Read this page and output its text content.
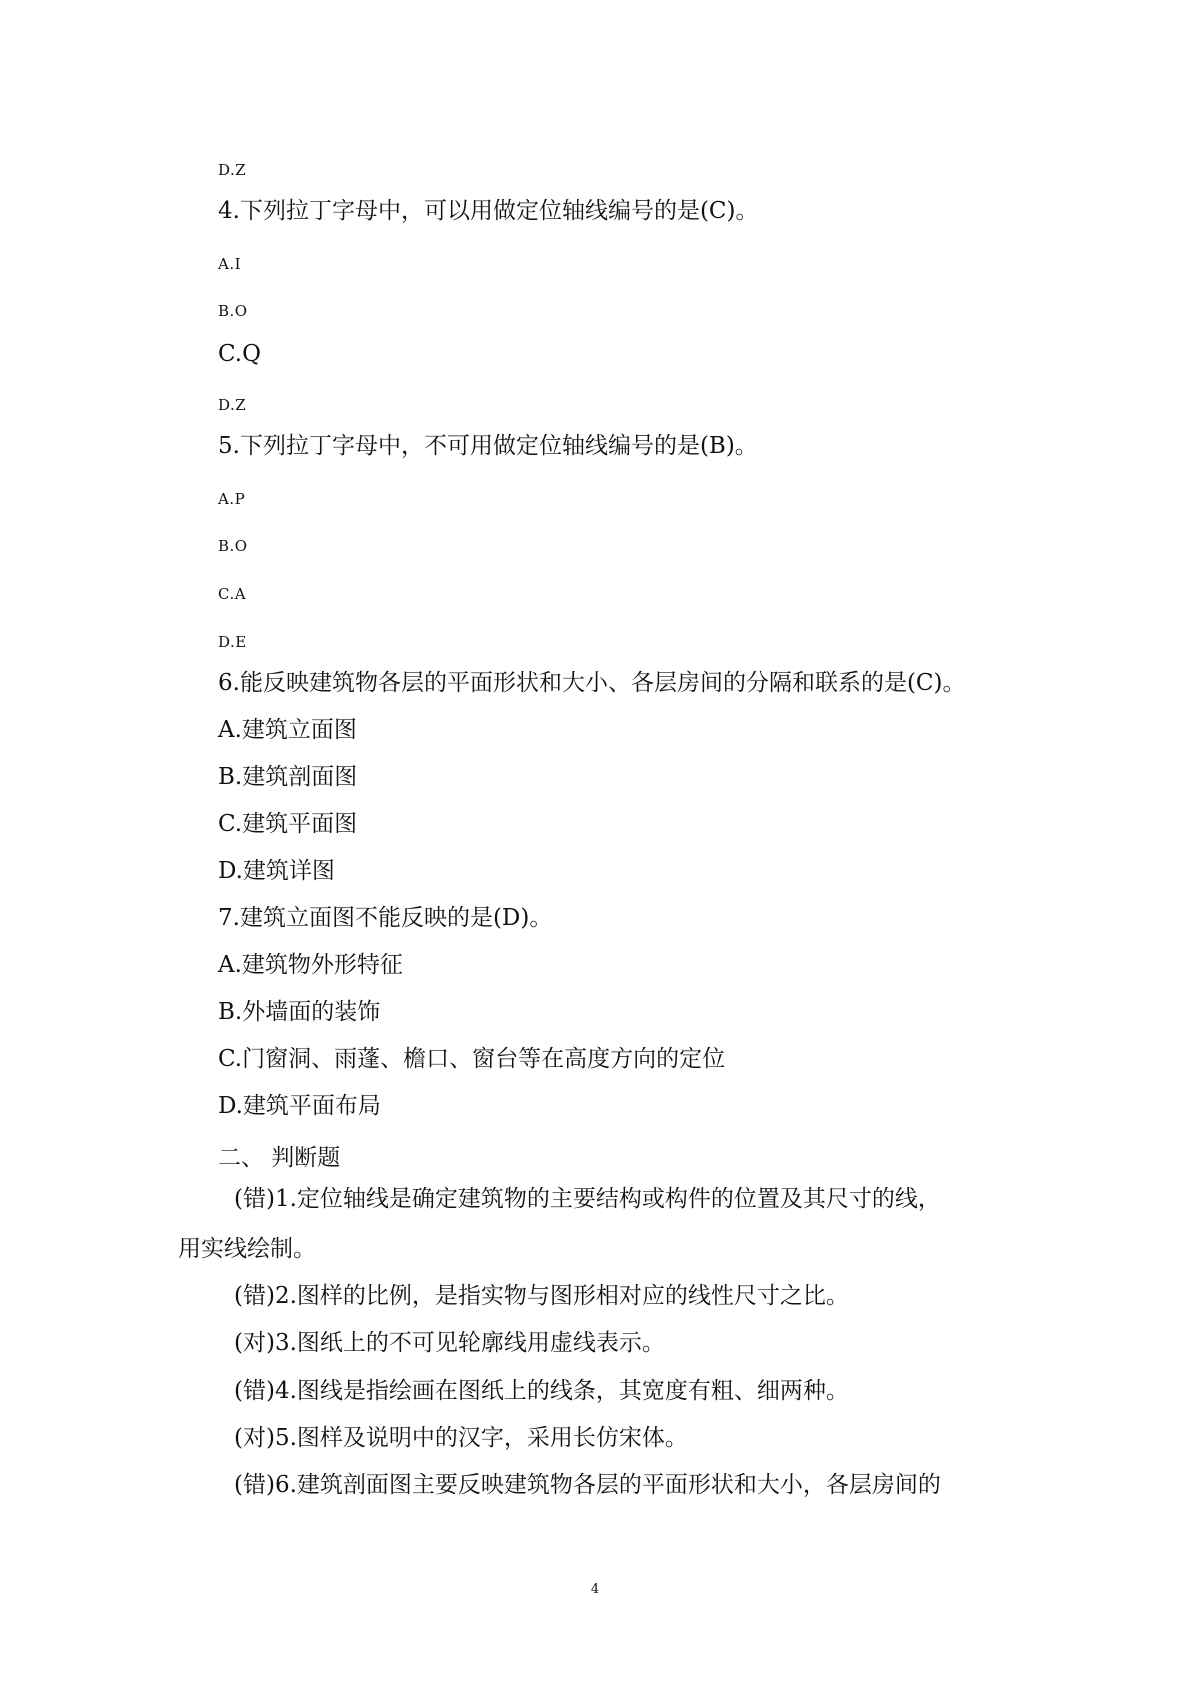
D.Z
4.下列拉丁字母中，可以用做定位轴线编号的是(C)。
A.I
B.O
C.Q
D.Z
5.下列拉丁字母中，不可用做定位轴线编号的是(B)。
A.P
B.O
C.A
D.E
6.能反映建筑物各层的平面形状和大小、各层房间的分隔和联系的是(C)。
A.建筑立面图
B.建筑剖面图
C.建筑平面图
D.建筑详图
7.建筑立面图不能反映的是(D)。
A.建筑物外形特征
B.外墙面的装饰
C.门窗洞、雨蓬、檐口、窗台等在高度方向的定位
D.建筑平面布局
二、 判断题
(错)1.定位轴线是确定建筑物的主要结构或构件的位置及其尺寸的线，
用实线绘制。
(错)2.图样的比例，是指实物与图形相对应的线性尺寸之比。
(对)3.图纸上的不可见轮廓线用虚线表示。
(错)4.图线是指绘画在图纸上的线条，其宽度有粗、细两种。
(对)5.图样及说明中的汉字，采用长仿宋体。
(错)6.建筑剖面图主要反映建筑物各层的平面形状和大小，各层房间的
4
